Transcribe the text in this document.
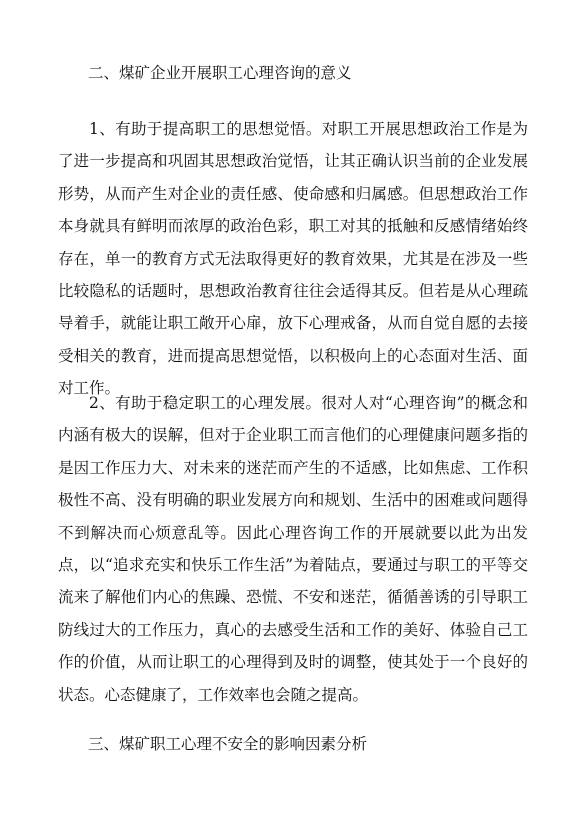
二、煤矿企业开展职工心理咨询的意义

1、有助于提高职工的思想觉悟。对职工开展思想政治工作是为了进一步提高和巩固其思想政治觉悟，让其正确认识当前的企业发展形势，从而产生对企业的责任感、使命感和归属感。但思想政治工作本身就具有鲜明而浓厚的政治色彩，职工对其的抵触和反感情绪始终存在，单一的教育方式无法取得更好的教育效果，尤其是在涉及一些比较隐私的话题时，思想政治教育往往会适得其反。但若是从心理疏导着手，就能让职工敞开心扉，放下心理戒备，从而自觉自愿的去接受相关的教育，进而提高思想觉悟，以积极向上的心态面对生活、面对工作。

2、有助于稳定职工的心理发展。很对人对“心理咨询”的概念和内涵有极大的误解，但对于企业职工而言他们的心理健康问题多指的是因工作压力大、对未来的迷茫而产生的不适感，比如焦虑、工作积极性不高、没有明确的职业发展方向和规划、生活中的困难或问题得不到解决而心烦意乱等。因此心理咨询工作的开展就要以此为出发点，以“追求充实和快乐工作生活”为着陆点，要通过与职工的平等交流来了解他们内心的焦躁、恐慌、不安和迷茫，循循善诱的引导职工防线过大的工作压力，真心的去感受生活和工作的美好、体验自己工作的价值，从而让职工的心理得到及时的调整，使其处于一个良好的状态。心态健康了，工作效率也会随之提高。

三、煤矿职工心理不安全的影响因素分析
